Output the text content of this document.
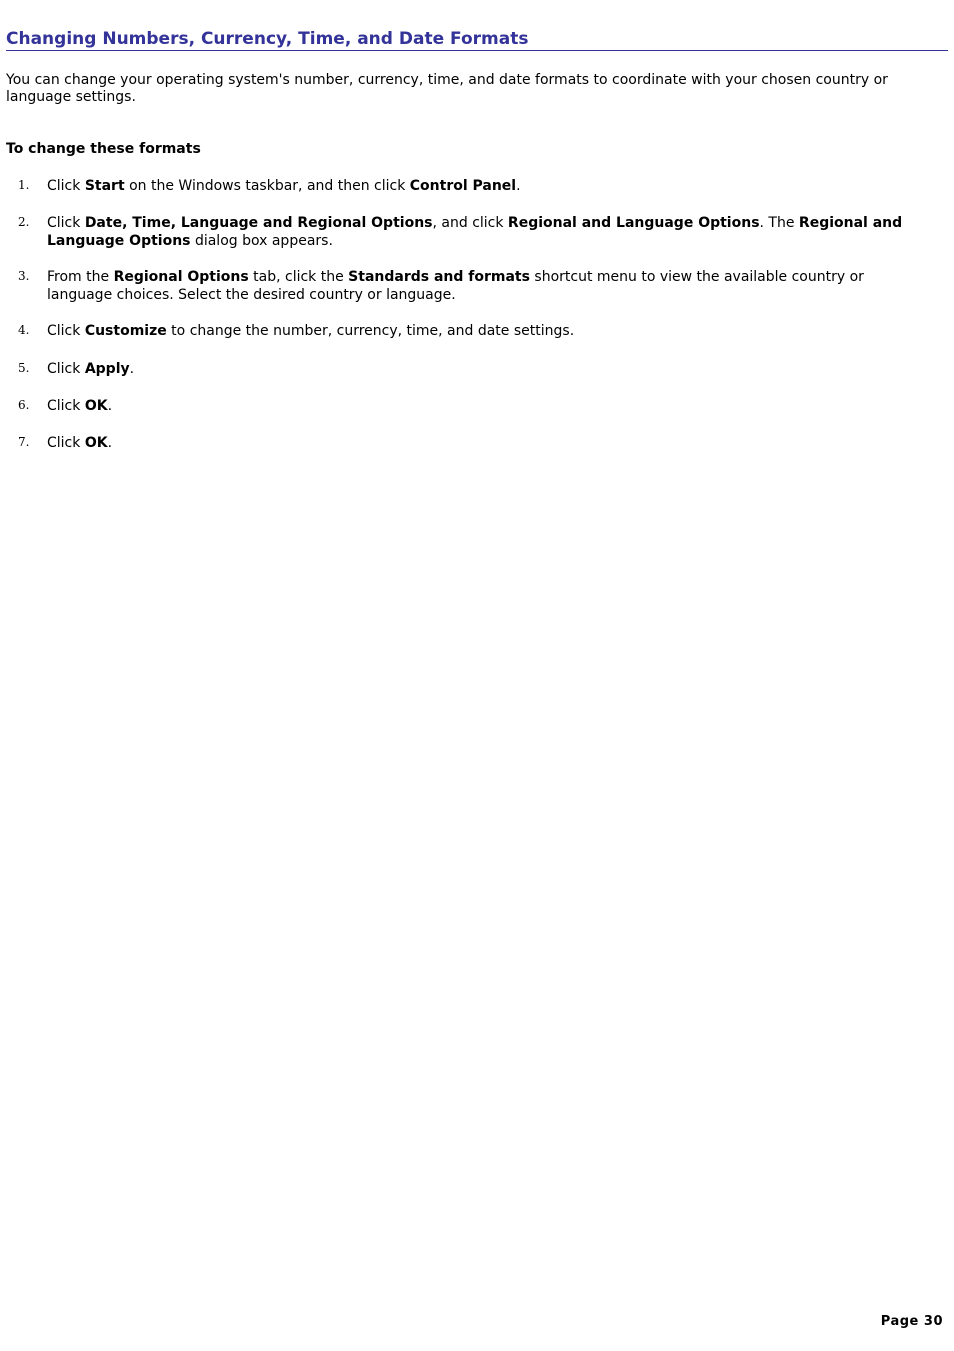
Changing Numbers, Currency, Time, and Date Formats

You can change your operating system's number, currency, time, and date formats to coordinate with your chosen country or language settings.

To change these formats

1. Click Start on the Windows taskbar, and then click Control Panel.
2. Click Date, Time, Language and Regional Options, and click Regional and Language Options. The Regional and Language Options dialog box appears.
3. From the Regional Options tab, click the Standards and formats shortcut menu to view the available country or language choices. Select the desired country or language.
4. Click Customize to change the number, currency, time, and date settings.
5. Click Apply.
6. Click OK.
7. Click OK.
Page 30
